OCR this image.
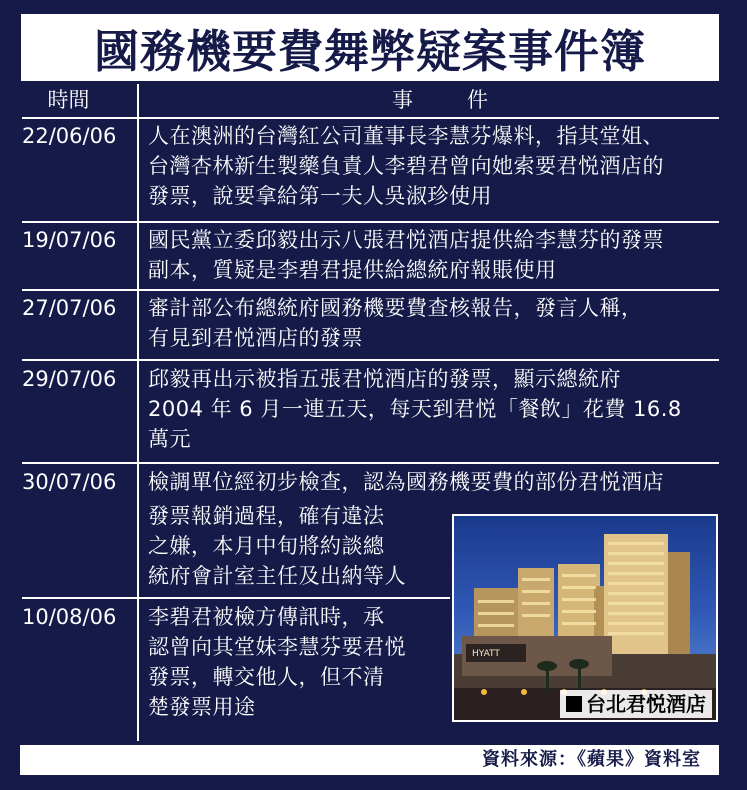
國務機要費舞弊疑案事件簿
時間	事件
22/06/06 人在澳洲的台灣紅公司董事長李慧芬爆料，指其堂姐、
台灣杏林新生製藥負責人李碧君曾向她索要君悦酒店的
發票，說要拿給第一夫人吳淑珍使用
19/07/06 國民黨立委邱毅出示八張君悦酒店提供給李慧芬的發票
副本，質疑是李碧君提供給總統府報賬使用
27/07/06 審計部公布總統府國務機要費查核報告，發言人稱，
有見到君悦酒店的發票
29/07/06 邱毅再出示被指五張君悦酒店的發票，顯示總統府
2004 年 6 月一連五天，每天到君悦「餐飲」花費 16.8
萬元
30/07/06 檢調單位經初步檢查，認為國務機要費的部份君悦酒店
發票報銷過程，確有違法
之嫌，本月中旬將約談總
統府會計室主任及出納等人
10/08/06 李碧君被檢方傳訊時，承
認曾向其堂妹李慧芬要君悦
發票，轉交他人，但不清
楚發票用途
HYATT
台北君悦酒店
資料來源：《蘋果》資料室
